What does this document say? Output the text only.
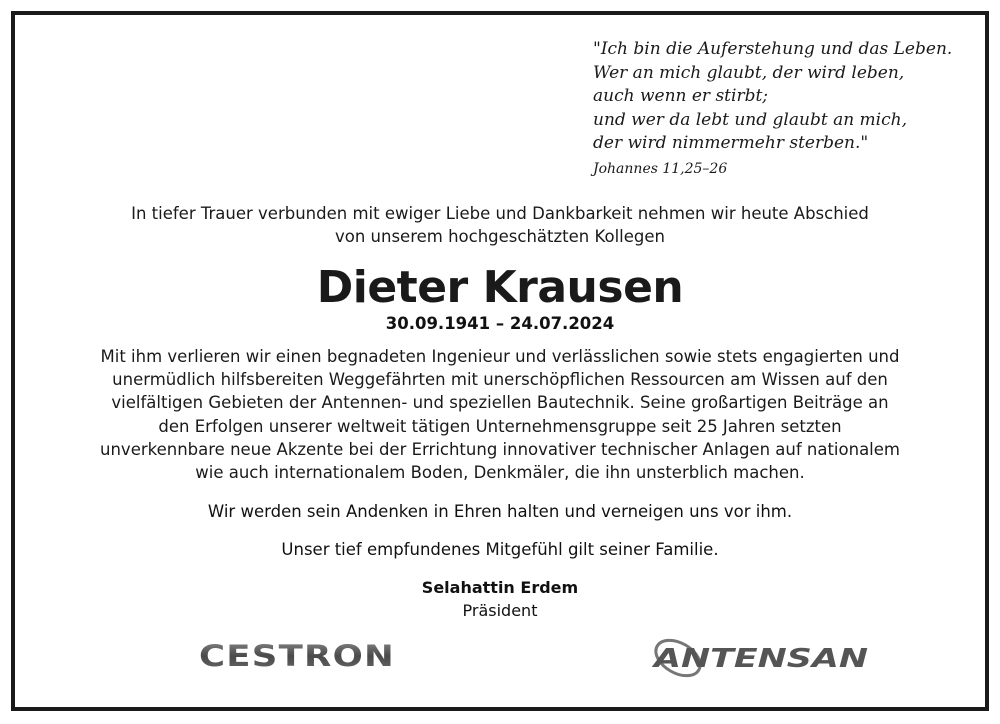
"Ich bin die Auferstehung und das Leben.
Wer an mich glaubt, der wird leben,
auch wenn er stirbt;
und wer da lebt und glaubt an mich,
der wird nimmermehr sterben."
Johannes 11,25–26
In tiefer Trauer verbunden mit ewiger Liebe und Dankbarkeit nehmen wir heute Abschied
von unserem hochgeschätzten Kollegen
Dieter Krausen
30.09.1941 – 24.07.2024
Mit ihm verlieren wir einen begnadeten Ingenieur und verlässlichen sowie stets engagierten und
unermüdlich hilfsbereiten Weggefährten mit unerschöpflichen Ressourcen am Wissen auf den
vielfältigen Gebieten der Antennen- und speziellen Bautechnik. Seine großartigen Beiträge an
den Erfolgen unserer weltweit tätigen Unternehmensgruppe seit 25 Jahren setzten
unverkennbare neue Akzente bei der Errichtung innovativer technischer Anlagen auf nationalem
wie auch internationalem Boden, Denkmäler, die ihn unsterblich machen.
Wir werden sein Andenken in Ehren halten und verneigen uns vor ihm.
Unser tief empfundenes Mitgefühl gilt seiner Familie.
Selahattin Erdem
Präsident
CESTRON	ANTENSAN
